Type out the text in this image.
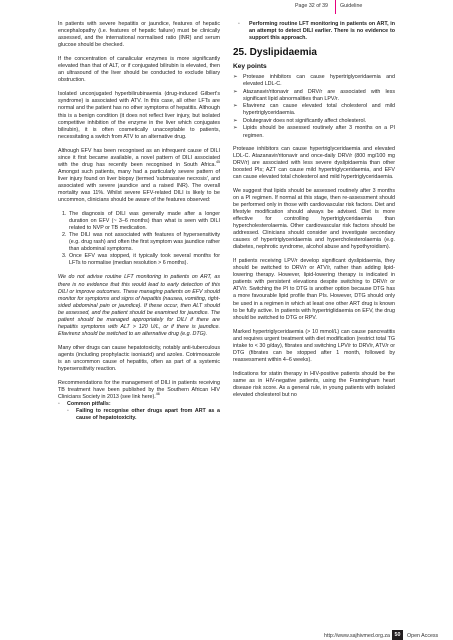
Page 32 of 39 Guideline

In patients with severe hepatitis or jaundice, features of hepatic encephalopathy (i.e. features of hepatic failure) must be clinically assessed, and the international normalised ratio (INR) and serum glucose should be checked.

If the concentration of canalicular enzymes is more significantly elevated than that of ALT, or if conjugated bilirubin is elevated, then an ultrasound of the liver should be conducted to exclude biliary obstruction.

Isolated unconjugated hyperbilirubinaemia (drug-induced Gilbert's syndrome) is associated with ATV. In this case, all other LFTs are normal and the patient has no other symptoms of hepatitis. Although this is a benign condition (it does not reflect liver injury, but isolated competitive inhibition of the enzyme in the liver which conjugates bilirubin), it is often cosmetically unacceptable to patients, necessitating a switch from ATV to an alternative drug.

Although EFV has been recognised as an infrequent cause of DILI since it first became available, a novel pattern of DILI associated with the drug has recently been recognised in South Africa.$^{45}$ Amongst such patients, many had a particularly severe pattern of liver injury found on liver biopsy (termed 'submassive necrosis', and associated with severe jaundice and a raised INR). The overall mortality was 11%. Whilst severe EFV-related DILI is likely to be uncommon, clinicians should be aware of the features observed:

1. The diagnosis of DILI was generally made after a longer duration on EFV (~ 3–6 months) than what is seen with DILI related to NVP or TB medication.
2. The DILI was not associated with features of hypersensitivity (e.g. drug rash) and often the first symptom was jaundice rather than abdominal symptoms.
3. Once EFV was stopped, it typically took several months for LFTs to normalise (median resolution > 6 months).

We do not advise routine LFT monitoring in patients on ART, as there is no evidence that this would lead to early detection of this DILI or improve outcomes. These managing patients on EFV should monitor for symptoms and signs of hepatitis (nausea, vomiting, right-sided abdominal pain or jaundice). If these occur, then ALT should be assessed, and the patient should be examined for jaundice. The patient should be managed appropriately for DILI if there are hepatitis symptoms with ALT > 120 U/L, or if there is jaundice. Efavirenz should be switched to an alternative drug (e.g. DTG).

Many other drugs can cause hepatotoxicity, notably anti-tuberculous agents (including prophylactic isoniazid) and azoles. Cotrimoxazole is an uncommon cause of hepatitis, often as part of a systemic hypersensitivity reaction.

Recommendations for the management of DILI in patients receiving TB treatment have been published by the Southern African HIV Clinicians Society in 2013 (see link here).$^{46}$

◦ Common pitfalls:
◦ Failing to recognise other drugs apart from ART as a cause of hepatotoxicity.
◦ Performing routine LFT monitoring in patients on ART, in an attempt to detect DILI earlier. There is no evidence to support this approach.
25. Dyslipidaemia
Key points
➢ Protease inhibitors can cause hypertriglyceridaemia and elevated LDL-C.
➢ Atazanavir/ritonavir and DRV/r are associated with less significant lipid abnormalities than LPV/r.
➢ Efavirenz can cause elevated total cholesterol and mild hypertriglyceridaemia.
➢ Dolutegravir does not significantly affect cholesterol.
➢ Lipids should be assessed routinely after 3 months on a PI regimen.

Protease inhibitors can cause hypertriglyceridaemia and elevated LDL-C. Atazanavir/ritonavir and once-daily DRV/r (800 mg/100 mg DRV/r) are associated with less severe dyslipidaemia than other boosted PIs; AZT can cause mild hypertriglyceridaemia, and EFV can cause elevated total cholesterol and mild hypertriglyceridaemia.

We suggest that lipids should be assessed routinely after 3 months on a PI regimen. If normal at this stage, then re-assessment should be performed only in those with cardiovascular risk factors. Diet and lifestyle modification should always be advised. Diet is more effective for controlling hypertriglyceridaemia than hypercholesterolaemia. Other cardiovascular risk factors should be addressed. Clinicians should consider and investigate secondary causes of hypertriglyceridaemia and hypercholesterolaemia (e.g. diabetes, nephrotic syndrome, alcohol abuse and hypothyroidism).

If patients receiving LPV/r develop significant dyslipidaemia, they should be switched to DRV/r or ATV/r, rather than adding lipid-lowering therapy. However, lipid-lowering therapy is indicated in patients with persistent elevations despite switching to DRV/r or ATV/r. Switching the PI to DTG is another option because DTG has a more favourable lipid profile than PIs. However, DTG should only be used in a regimen in which at least one other ART drug is known to be fully active. In patients with hypertriglidaemia on EFV, the drug should be switched to DTG or RPV.

Marked hypertriglyceridaemia (> 10 mmol/L) can cause pancreatitis and requires urgent treatment with diet modification (restrict total TG intake to < 30 g/day), fibrates and switching LPV/r to DRV/r, ATV/r or DTG (fibrates can be stopped after 1 month, followed by reassessment within 4–6 weeks).

Indications for statin therapy in HIV-positive patients should be the same as in HIV-negative patients, using the Framingham heart disease risk score. As a general rule, in young patients with isolated elevated cholesterol but no

http://www.sajhivmed.org.za 50	Open Access
